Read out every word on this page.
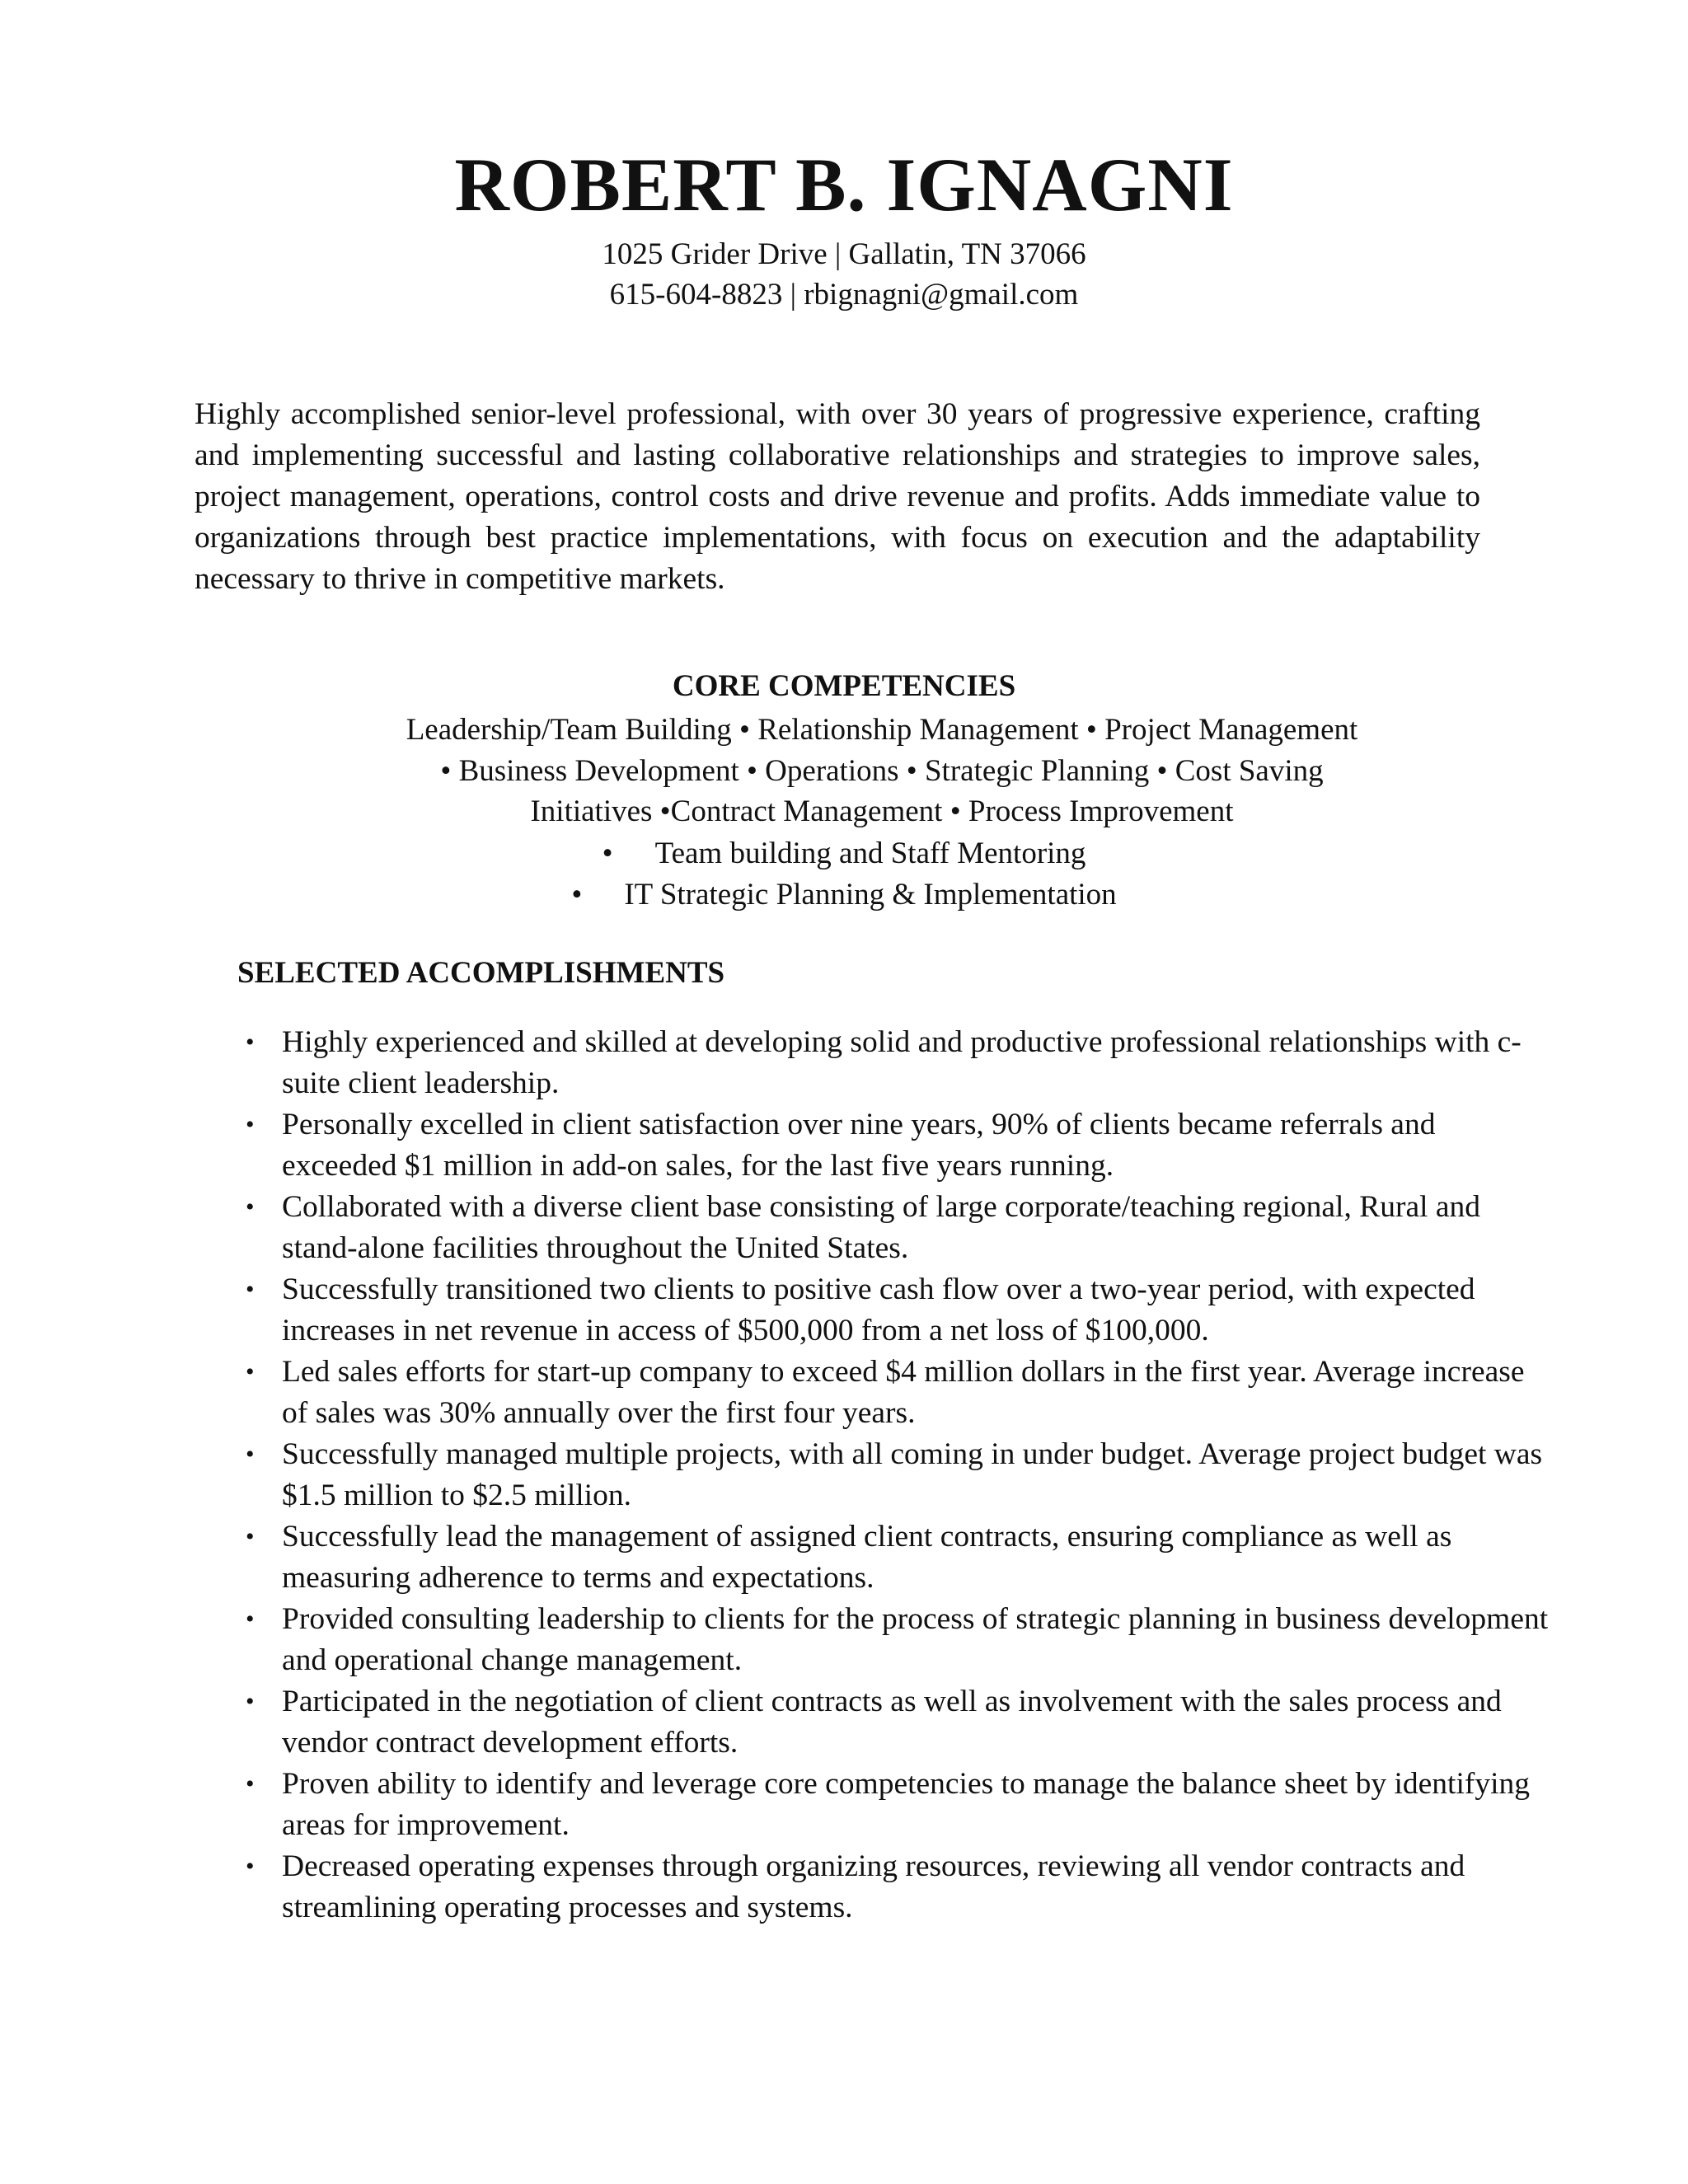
ROBERT B. IGNAGNI
1025 Grider Drive | Gallatin, TN 37066
615-604-8823 | rbignagni@gmail.com

Highly accomplished senior-level professional, with over 30 years of progressive experience, crafting and implementing successful and lasting collaborative relationships and strategies to improve sales, project management, operations, control costs and drive revenue and profits. Adds immediate value to organizations through best practice implementations, with focus on execution and the adaptability necessary to thrive in competitive markets.

CORE COMPETENCIES
Leadership/Team Building • Relationship Management • Project Management
• Business Development • Operations • Strategic Planning • Cost Saving
Initiatives •Contract Management • Process Improvement
• Team building and Staff Mentoring
• IT Strategic Planning & Implementation
SELECTED ACCOMPLISHMENTS
• Highly experienced and skilled at developing solid and productive professional relationships with c-suite client leadership.
• Personally excelled in client satisfaction over nine years, 90% of clients became referrals and exceeded $1 million in add-on sales, for the last five years running.
• Collaborated with a diverse client base consisting of large corporate/teaching regional, Rural and stand-alone facilities throughout the United States.
• Successfully transitioned two clients to positive cash flow over a two-year period, with expected increases in net revenue in access of $500,000 from a net loss of $100,000.
• Led sales efforts for start-up company to exceed $4 million dollars in the first year. Average increase of sales was 30% annually over the first four years.
• Successfully managed multiple projects, with all coming in under budget. Average project budget was $1.5 million to $2.5 million.
• Successfully lead the management of assigned client contracts, ensuring compliance as well as measuring adherence to terms and expectations.
• Provided consulting leadership to clients for the process of strategic planning in business development and operational change management.
• Participated in the negotiation of client contracts as well as involvement with the sales process and vendor contract development efforts.
• Proven ability to identify and leverage core competencies to manage the balance sheet by identifying areas for improvement.
• Decreased operating expenses through organizing resources, reviewing all vendor contracts and streamlining operating processes and systems.
